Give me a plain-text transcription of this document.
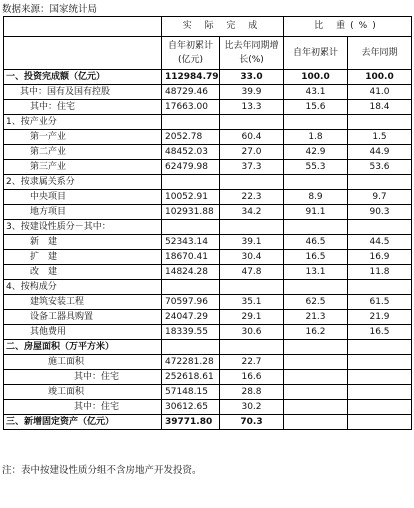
数据来源：国家统计局
	实 际 完 成		比 重(%)	
	自年初累计(亿元)	比去年同期增长(%)	自年初累计	去年同期
一、投资完成额（亿元）	112984.79	33.0	100.0	100.0
其中：国有及国有控股	48729.46	39.9	43.1	41.0
其中：住宅	17663.00	13.3	15.6	18.4
1、按产业分				
第一产业	2052.78	60.4	1.8	1.5
第二产业	48452.03	27.0	42.9	44.9
第三产业	62479.98	37.3	55.3	53.6
2、按隶属关系分				
中央项目	10052.91	22.3	8.9	9.7
地方项目	102931.88	34.2	91.1	90.3
3、按建设性质分－其中：				
新建	52343.14	39.1	46.5	44.5
扩建	18670.41	30.4	16.5	16.9
改建	14824.28	47.8	13.1	11.8
4、按构成分				
建筑安装工程	70597.96	35.1	62.5	61.5
设备工器具购置	24047.29	29.1	21.3	21.9
其他费用	18339.55	30.6	16.2	16.5
二、房屋面积（万平方米）				
施工面积	472281.28	22.7		
其中：住宅	252618.61	16.6		
竣工面积	57148.15	28.8		
其中：住宅	30612.65	30.2		
三、新增固定资产（亿元）	39771.80	70.3		
注：表中按建设性质分组不含房地产开发投资。
